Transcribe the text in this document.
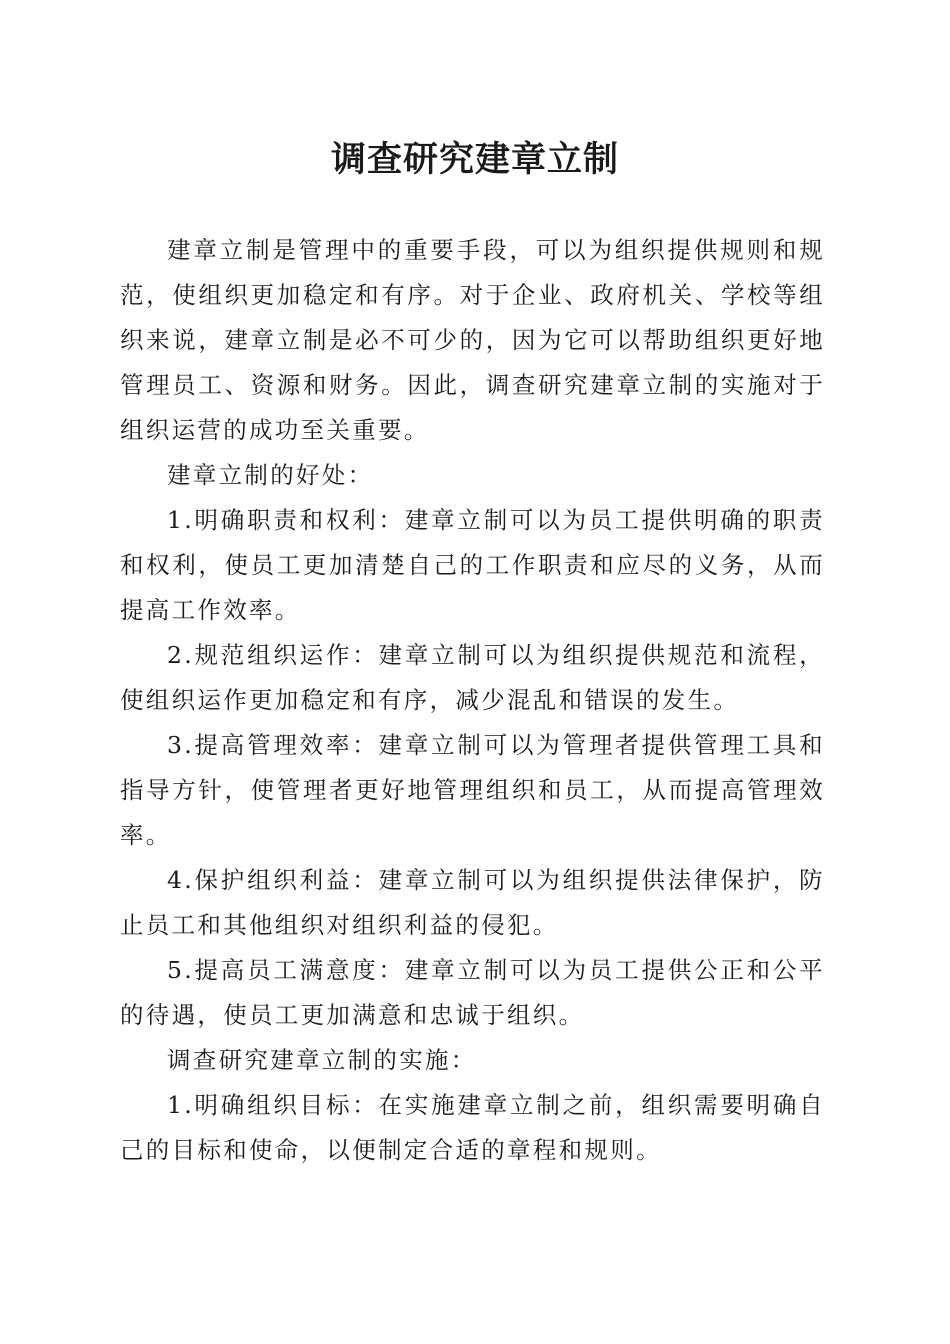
调查研究建章立制

建章立制是管理中的重要手段，可以为组织提供规则和规范，使组织更加稳定和有序。对于企业、政府机关、学校等组织来说，建章立制是必不可少的，因为它可以帮助组织更好地管理员工、资源和财务。因此，调查研究建章立制的实施对于组织运营的成功至关重要。

建章立制的好处：

1.明确职责和权利：建章立制可以为员工提供明确的职责和权利，使员工更加清楚自己的工作职责和应尽的义务，从而提高工作效率。

2.规范组织运作：建章立制可以为组织提供规范和流程，使组织运作更加稳定和有序，减少混乱和错误的发生。

3.提高管理效率：建章立制可以为管理者提供管理工具和指导方针，使管理者更好地管理组织和员工，从而提高管理效率。

4.保护组织利益：建章立制可以为组织提供法律保护，防止员工和其他组织对组织利益的侵犯。

5.提高员工满意度：建章立制可以为员工提供公正和公平的待遇，使员工更加满意和忠诚于组织。

调查研究建章立制的实施：

1.明确组织目标：在实施建章立制之前，组织需要明确自己的目标和使命，以便制定合适的章程和规则。
